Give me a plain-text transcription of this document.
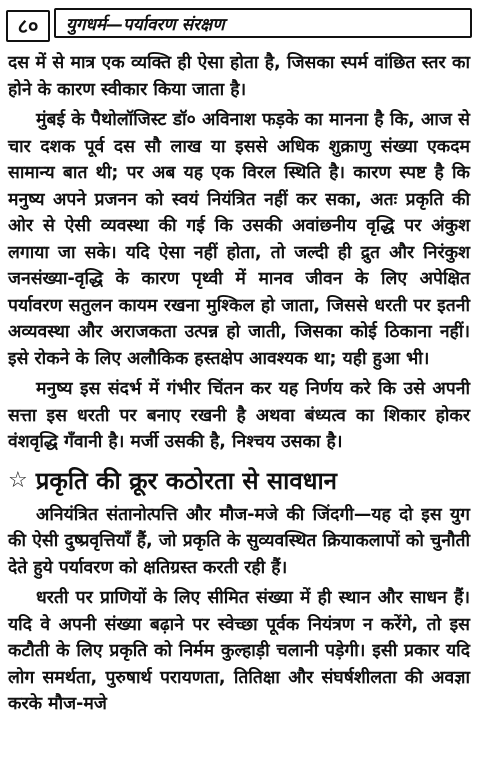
८०	युगधर्म—पर्यावरण संरक्षण

दस में से मात्र एक व्यक्ति ही ऐसा होता है, जिसका स्पर्म वांछित स्तर का होने के कारण स्वीकार किया जाता है।

मुंबई के पैथोलॉजिस्ट डॉ० अविनाश फड़के का मानना है कि, आज से चार दशक पूर्व दस सौ लाख या इससे अधिक शुक्राणु संख्या एकदम सामान्य बात थी; पर अब यह एक विरल स्थिति है। कारण स्पष्ट है कि मनुष्य अपने प्रजनन को स्वयं नियंत्रित नहीं कर सका, अतः प्रकृति की ओर से ऐसी व्यवस्था की गई कि उसकी अवांछनीय वृद्धि पर अंकुश लगाया जा सके। यदि ऐसा नहीं होता, तो जल्दी ही द्रुत और निरंकुश जनसंख्या-वृद्धि के कारण पृथ्वी में मानव जीवन के लिए अपेक्षित पर्यावरण सतुलन कायम रखना मुश्किल हो जाता, जिससे धरती पर इतनी अव्यवस्था और अराजकता उत्पन्न हो जाती, जिसका कोई ठिकाना नहीं। इसे रोकने के लिए अलौकिक हस्तक्षेप आवश्यक था; यही हुआ भी।

मनुष्य इस संदर्भ में गंभीर चिंतन कर यह निर्णय करे कि उसे अपनी सत्ता इस धरती पर बनाए रखनी है अथवा बंध्यत्व का शिकार होकर वंशवृद्धि गँवानी है। मर्जी उसकी है, निश्चय उसका है।

☆ प्रकृति की क्रूर कठोरता से सावधान

अनियंत्रित संतानोत्पत्ति और मौज-मजे की जिंदगी—यह दो इस युग की ऐसी दुष्प्रवृत्तियाँ हैं, जो प्रकृति के सुव्यवस्थित क्रियाकलापों को चुनौती देते हुये पर्यावरण को क्षतिग्रस्त करती रही हैं।

धरती पर प्राणियों के लिए सीमित संख्या में ही स्थान और साधन हैं। यदि वे अपनी संख्या बढ़ाने पर स्वेच्छा पूर्वक नियंत्रण न करेंगे, तो इस कटौती के लिए प्रकृति को निर्मम कुल्हाड़ी चलानी पड़ेगी। इसी प्रकार यदि लोग समर्थता, पुरुषार्थ परायणता, तितिक्षा और संघर्षशीलता की अवज्ञा करके मौज-मजे
